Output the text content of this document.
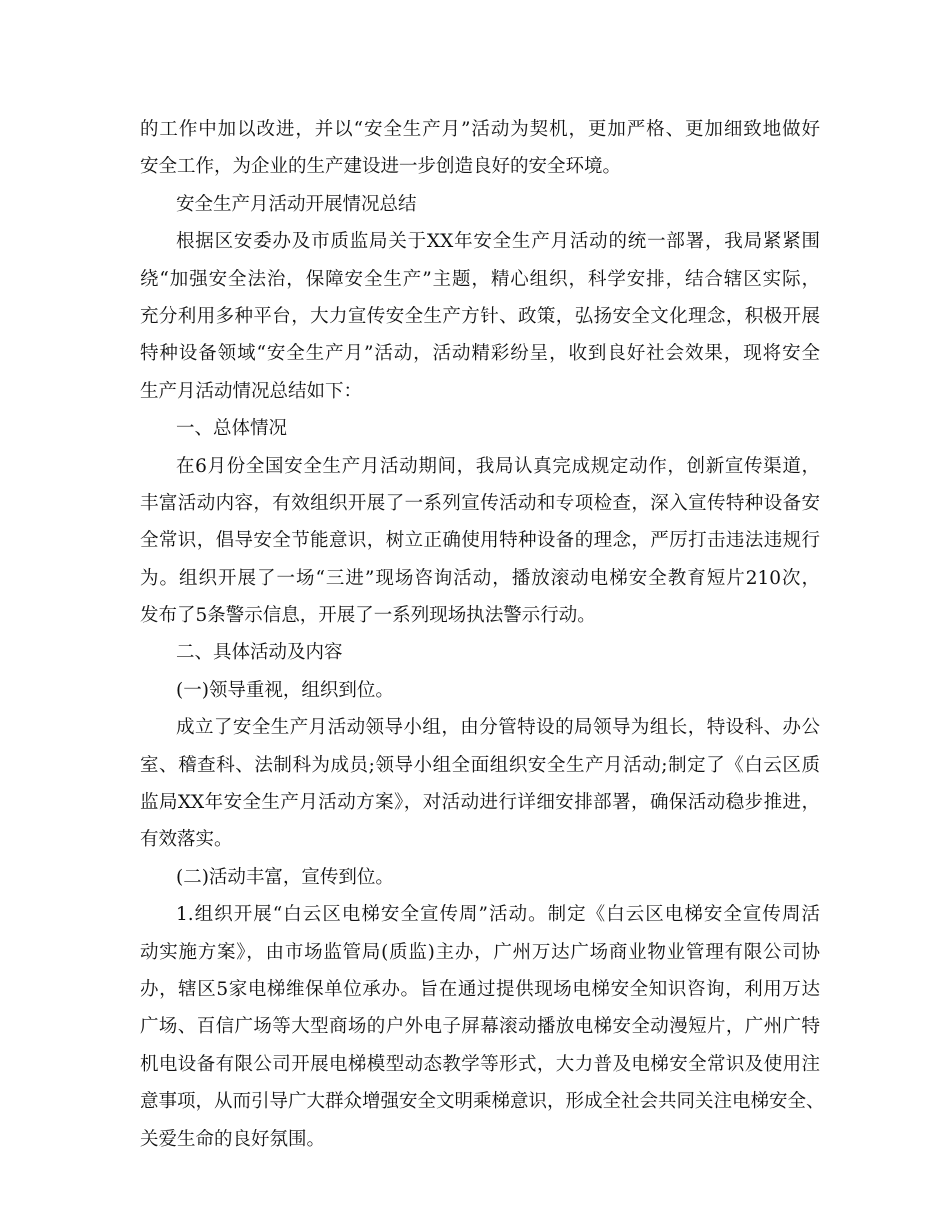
的工作中加以改进，并以“安全生产月”活动为契机，更加严格、更加细致地做好
安全工作，为企业的生产建设进一步创造良好的安全环境。
安全生产月活动开展情况总结
根据区安委办及市质监局关于XX年安全生产月活动的统一部署，我局紧紧围
绕“加强安全法治，保障安全生产”主题，精心组织，科学安排，结合辖区实际，
充分利用多种平台，大力宣传安全生产方针、政策，弘扬安全文化理念，积极开展
特种设备领域“安全生产月”活动，活动精彩纷呈，收到良好社会效果，现将安全
生产月活动情况总结如下：
一、总体情况
在6月份全国安全生产月活动期间，我局认真完成规定动作，创新宣传渠道，
丰富活动内容，有效组织开展了一系列宣传活动和专项检查，深入宣传特种设备安
全常识，倡导安全节能意识，树立正确使用特种设备的理念，严厉打击违法违规行
为。组织开展了一场“三进”现场咨询活动，播放滚动电梯安全教育短片210次，
发布了5条警示信息，开展了一系列现场执法警示行动。
二、具体活动及内容
(一)领导重视，组织到位。
成立了安全生产月活动领导小组，由分管特设的局领导为组长，特设科、办公
室、稽查科、法制科为成员;领导小组全面组织安全生产月活动;制定了《白云区质
监局XX年安全生产月活动方案》，对活动进行详细安排部署，确保活动稳步推进，
有效落实。
(二)活动丰富，宣传到位。
1.组织开展“白云区电梯安全宣传周”活动。制定《白云区电梯安全宣传周活
动实施方案》，由市场监管局(质监)主办，广州万达广场商业物业管理有限公司协
办，辖区5家电梯维保单位承办。旨在通过提供现场电梯安全知识咨询，利用万达
广场、百信广场等大型商场的户外电子屏幕滚动播放电梯安全动漫短片，广州广特
机电设备有限公司开展电梯模型动态教学等形式，大力普及电梯安全常识及使用注
意事项，从而引导广大群众增强安全文明乘梯意识，形成全社会共同关注电梯安全、
关爱生命的良好氛围。
